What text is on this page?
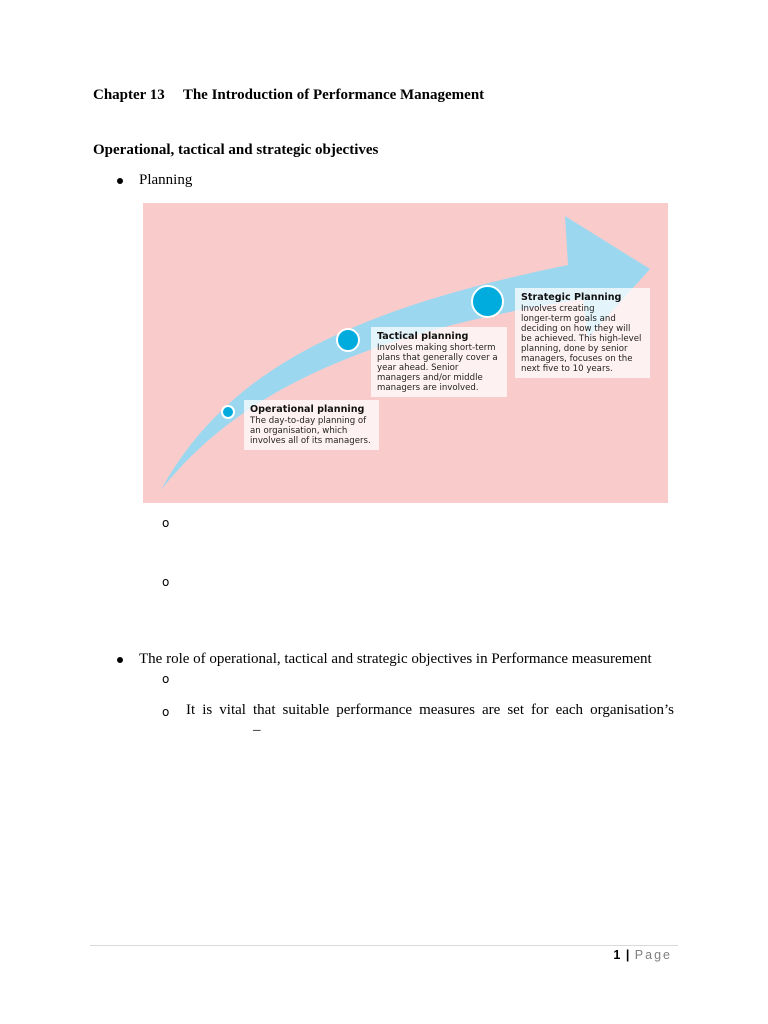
Chapter 13 The Introduction of Performance Management
Operational, tactical and strategic objectives
Planning
Operational planning
The day-to-day planning of
an organisation, which
involves all of its managers.
Tactical planning
Involves making short-term
plans that generally cover a
year ahead. Senior
managers and/or middle
managers are involved.
Strategic Planning
Involves creating
longer-term goals and
deciding on how they will
be achieved. This high-level
planning, done by senior
managers, focuses on the
next five to 10 years.
o
o
The role of operational, tactical and strategic objectives in Performance measurement
o
o It is vital that suitable performance measures are set for each organisation’s
–
1 | Page
